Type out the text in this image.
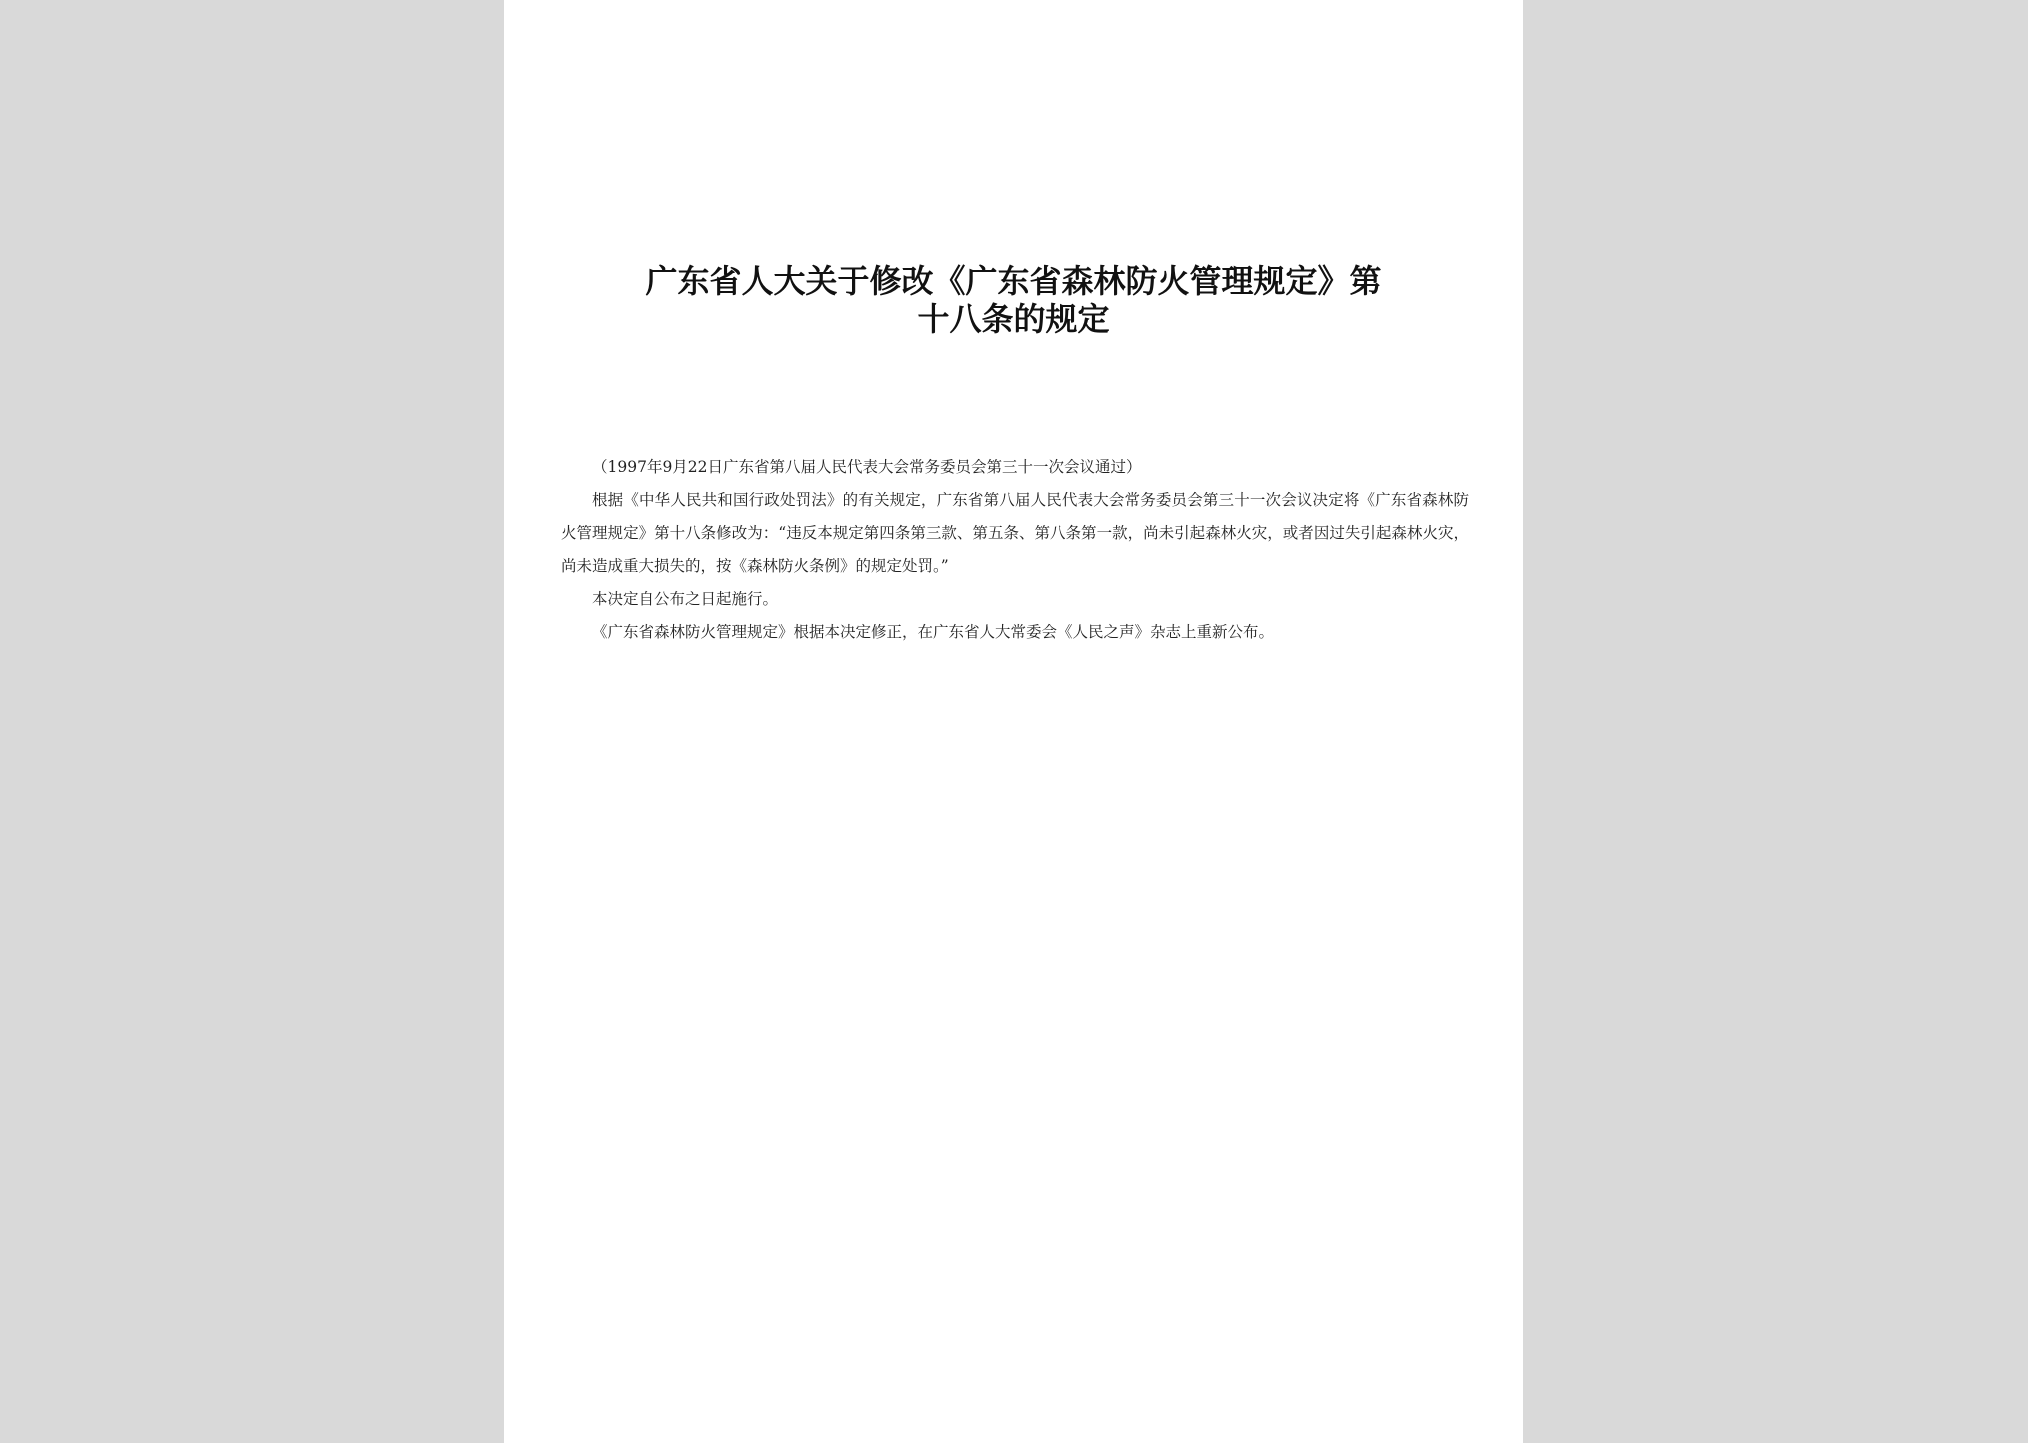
广东省人大关于修改《广东省森林防火管理规定》第
十八条的规定

（1997年9月22日广东省第八届人民代表大会常务委员会第三十一次会议通过）

根据《中华人民共和国行政处罚法》的有关规定，广东省第八届人民代表大会常务委员会第三十一次会议决定将《广东省森林防火管理规定》第十八条修改为：“违反本规定第四条第三款、第五条、第八条第一款，尚未引起森林火灾，或者因过失引起森林火灾，尚未造成重大损失的，按《森林防火条例》的规定处罚。”

本决定自公布之日起施行。

《广东省森林防火管理规定》根据本决定修正，在广东省人大常委会《人民之声》杂志上重新公布。
